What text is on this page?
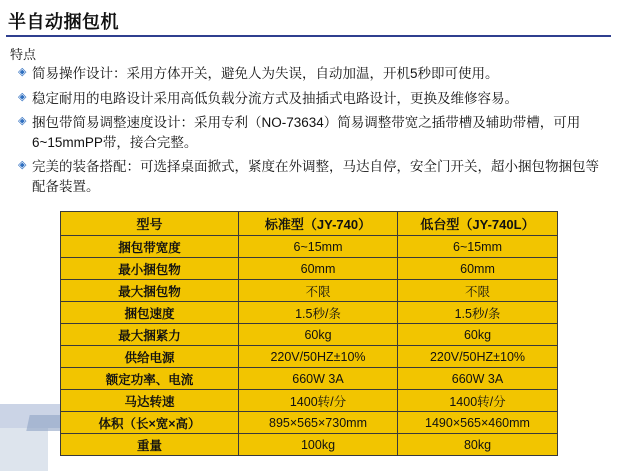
半自动捆包机
特点
◈ 简易操作设计：采用方体开关，避免人为失误，自动加温，开机5秒即可使用。
◈ 稳定耐用的电路设计采用高低负载分流方式及抽插式电路设计，更换及维修容易。
◈ 捆包带简易调整速度设计：采用专利（NO-73634）简易调整带宽之插带槽及辅助带槽，可用6~15mmPP带，接合完整。
◈ 完美的装备搭配：可选择桌面掀式，紧度在外调整，马达自停，安全门开关，超小捆包物捆包等配备装置。
型号	标准型（JY-740）	低台型（JY-740L）
捆包带宽度	6~15mm	6~15mm
最小捆包物	60mm	60mm
最大捆包物	不限	不限
捆包速度	1.5秒/条	1.5秒/条
最大捆紧力	60kg	60kg
供给电源	220V/50HZ±10%	220V/50HZ±10%
额定功率、电流	660W 3A	660W 3A
马达转速	1400转/分	1400转/分
体积（长×宽×高）	895×565×730mm	1490×565×460mm
重量	100kg	80kg
